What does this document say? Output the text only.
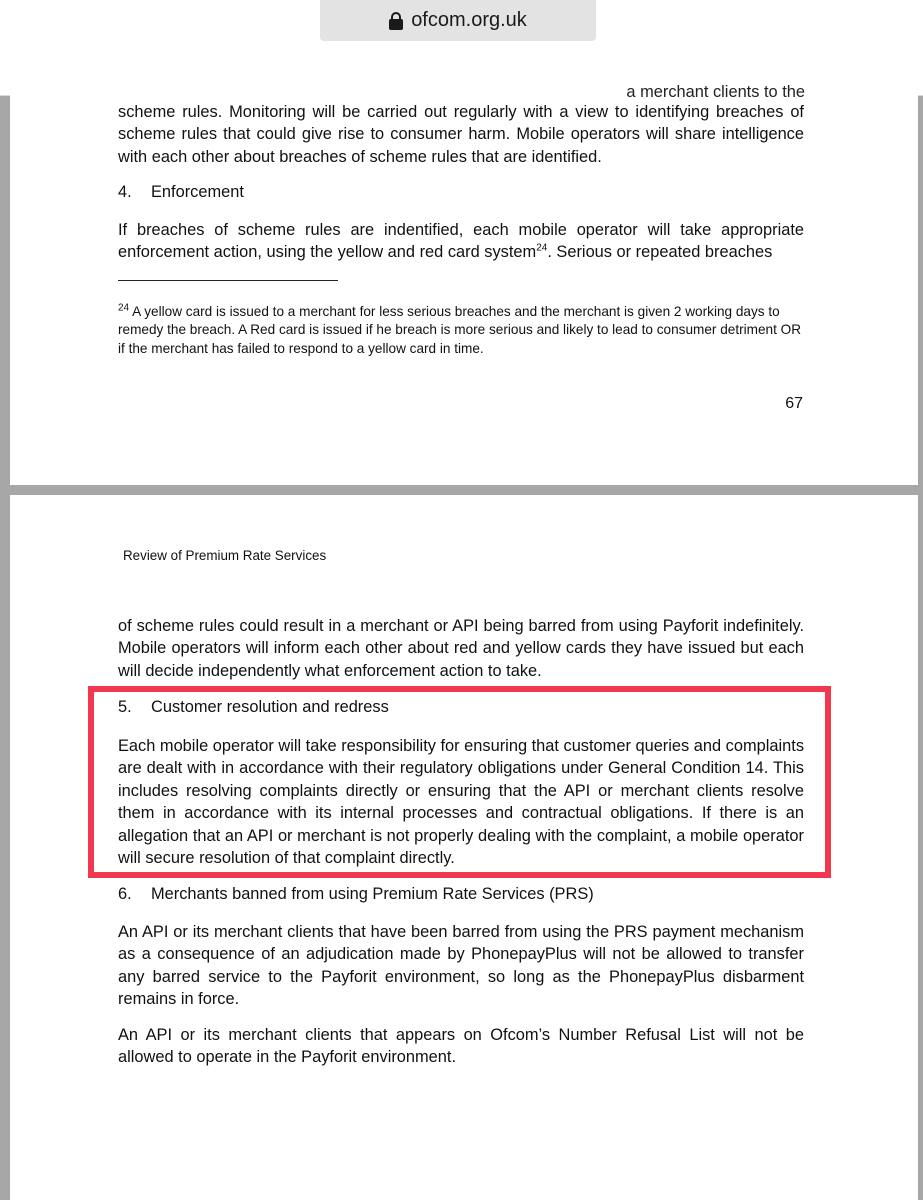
ofcom.org.uk
a merchant clients to the

scheme rules. Monitoring will be carried out regularly with a view to identifying breaches of scheme rules that could give rise to consumer harm. Mobile operators will share intelligence with each other about breaches of scheme rules that are identified.

4. Enforcement

If breaches of scheme rules are indentified, each mobile operator will take appropriate enforcement action, using the yellow and red card system$^{24}$. Serious or repeated breaches

$^{24}$ A yellow card is issued to a merchant for less serious breaches and the merchant is given 2 working days to remedy the breach. A Red card is issued if he breach is more serious and likely to lead to consumer detriment OR if the merchant has failed to respond to a yellow card in time.

67
Review of Premium Rate Services

of scheme rules could result in a merchant or API being barred from using Payforit indefinitely. Mobile operators will inform each other about red and yellow cards they have issued but each will decide independently what enforcement action to take.

5. Customer resolution and redress

Each mobile operator will take responsibility for ensuring that customer queries and complaints are dealt with in accordance with their regulatory obligations under General Condition 14. This includes resolving complaints directly or ensuring that the API or merchant clients resolve them in accordance with its internal processes and contractual obligations. If there is an allegation that an API or merchant is not properly dealing with the complaint, a mobile operator will secure resolution of that complaint directly.

6. Merchants banned from using Premium Rate Services (PRS)

An API or its merchant clients that have been barred from using the PRS payment mechanism as a consequence of an adjudication made by PhonepayPlus will not be allowed to transfer any barred service to the Payforit environment, so long as the PhonepayPlus disbarment remains in force.

An API or its merchant clients that appears on Ofcom’s Number Refusal List will not be allowed to operate in the Payforit environment.
